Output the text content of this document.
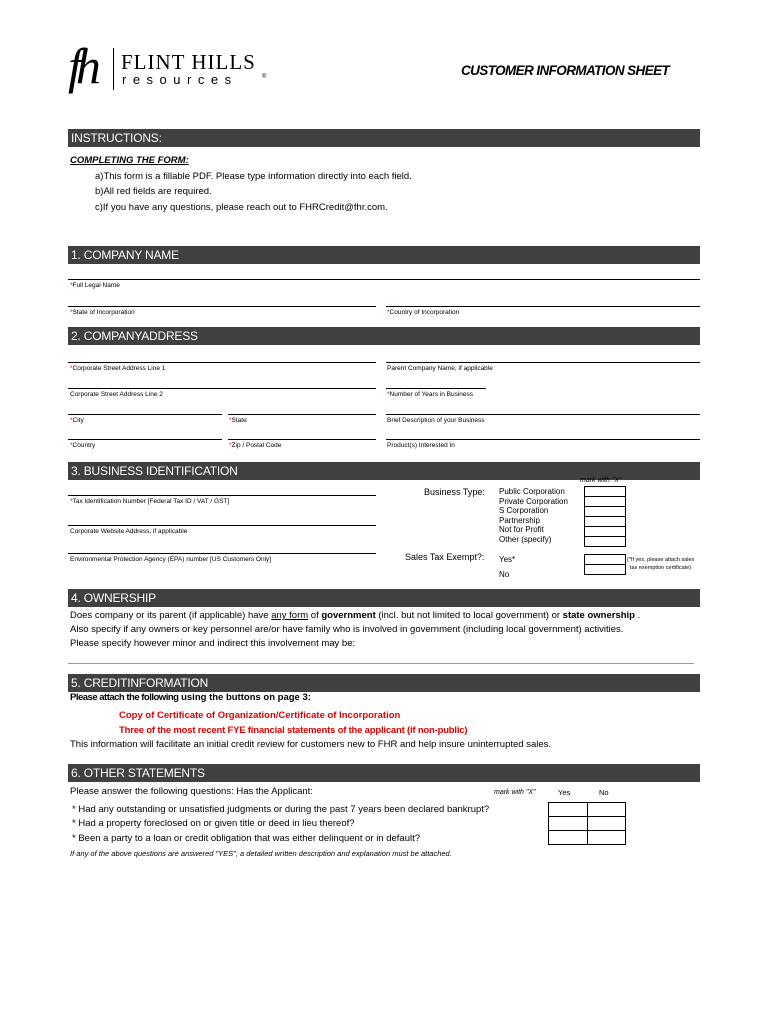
fh FLINT HILLS
resources	®	CUSTOMER INFORMATION SHEET
INSTRUCTIONS:
COMPLETING THE FORM:
a)This form is a fillable PDF. Please type information directly into each field.
b)All red fields are required.
c)If you have any questions, please reach out to FHRCredit@fhr.com.
1. COMPANY NAME
*Full Legal Name
*State of Incorporation	*Country of Incorporation
2. COMPANYADDRESS
*Corporate Street Address Line 1	Parent Company Name, if applicable
Corporate Street Address Line 2	*Number of Years in Business
*City	*State	Brief Description of your Business
*Country	*Zip / Postal Code	Product(s) Interested In
3. BUSINESS IDENTIFICATION
mark with "X"
*Tax Identification Number [Federal Tax ID / VAT / GST]
Corporate Website Address, if applicable
Environmental Protection Agency (EPA) number [US Customers Only]
Business Type: Public Corporation
Private Corporation
S Corporation
Partnership
Not for Profit
Other (specify)

Sales Tax Exempt?: Yes*
No

(*If yes, please attach sales
tax exemption certificate)
4. OWNERSHIP
Does company or its parent (if applicable) have any form of government (incl. but not limited to local government) or state ownership .
Also specify if any owners or key personnel are/or have family who is involved in government (including local government) activities.
Please specify however minor and indirect this involvement may be:
5. CREDITINFORMATION
Please attach the following using the buttons on page 3:
Copy of Certificate of Organization/Certificate of Incorporation
Three of the most recent FYE financial statements of the applicant (if non-public)
This information will facilitate an initial credit review for customers new to FHR and help insure uninterrupted sales.
6. OTHER STATEMENTS
Please answer the following questions: Has the Applicant:	mark with "X"	Yes	No
* Had any outstanding or unsatisfied judgments or during the past 7 years been declared bankrupt?
* Had a property foreclosed on or given title or deed in lieu thereof?
* Been a party to a loan or credit obligation that was either delinquent or in default?

If any of the above questions are answered "YES", a detailed written description and explanation must be attached.
